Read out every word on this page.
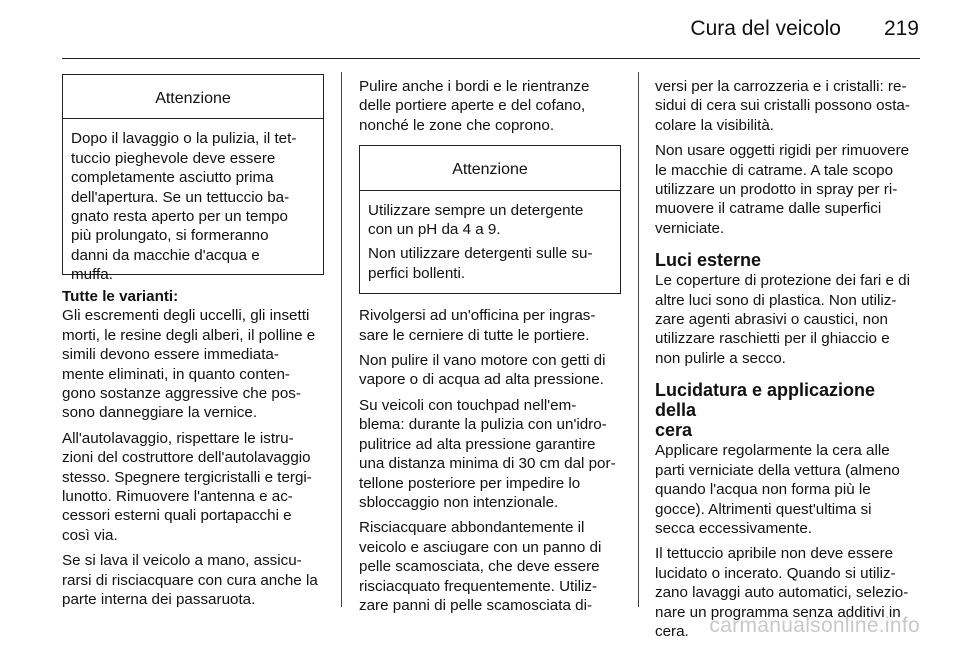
Cura del veicolo 219
Attenzione
Dopo il lavaggio o la pulizia, il tet-
tuccio pieghevole deve essere
completamente asciutto prima
dell'apertura. Se un tettuccio ba-
gnato resta aperto per un tempo
più prolungato, si formeranno
danni da macchie d'acqua e
muffa.
Tutte le varianti:
Gli escrementi degli uccelli, gli insetti
morti, le resine degli alberi, il polline e
simili devono essere immediata-
mente eliminati, in quanto conten-
gono sostanze aggressive che pos-
sono danneggiare la vernice.
All'autolavaggio, rispettare le istru-
zioni del costruttore dell'autolavaggio
stesso. Spegnere tergicristalli e tergi-
lunotto. Rimuovere l'antenna e ac-
cessori esterni quali portapacchi e
così via.
Se si lava il veicolo a mano, assicu-
rarsi di risciacquare con cura anche la
parte interna dei passaruota.
Pulire anche i bordi e le rientranze
delle portiere aperte e del cofano,
nonché le zone che coprono.
Attenzione
Utilizzare sempre un detergente
con un pH da 4 a 9.
Non utilizzare detergenti sulle su-
perfici bollenti.
Rivolgersi ad un'officina per ingras-
sare le cerniere di tutte le portiere.
Non pulire il vano motore con getti di
vapore o di acqua ad alta pressione.
Su veicoli con touchpad nell'em-
blema: durante la pulizia con un'idro-
pulitrice ad alta pressione garantire
una distanza minima di 30 cm dal por-
tellone posteriore per impedire lo
sbloccaggio non intenzionale.
Risciacquare abbondantemente il
veicolo e asciugare con un panno di
pelle scamosciata, che deve essere
risciacquato frequentemente. Utiliz-
zare panni di pelle scamosciata di-
versi per la carrozzeria e i cristalli: re-
sidui di cera sui cristalli possono osta-
colare la visibilità.
Non usare oggetti rigidi per rimuovere
le macchie di catrame. A tale scopo
utilizzare un prodotto in spray per ri-
muovere il catrame dalle superfici
verniciate.
Luci esterne
Le coperture di protezione dei fari e di
altre luci sono di plastica. Non utiliz-
zare agenti abrasivi o caustici, non
utilizzare raschietti per il ghiaccio e
non pulirle a secco.
Lucidatura e applicazione della
cera
Applicare regolarmente la cera alle
parti verniciate della vettura (almeno
quando l'acqua non forma più le
gocce). Altrimenti quest'ultima si
secca eccessivamente.
Il tettuccio apribile non deve essere
lucidato o incerato. Quando si utiliz-
zano lavaggi auto automatici, selezio-
nare un programma senza additivi in
cera. carmanualsonline.info
